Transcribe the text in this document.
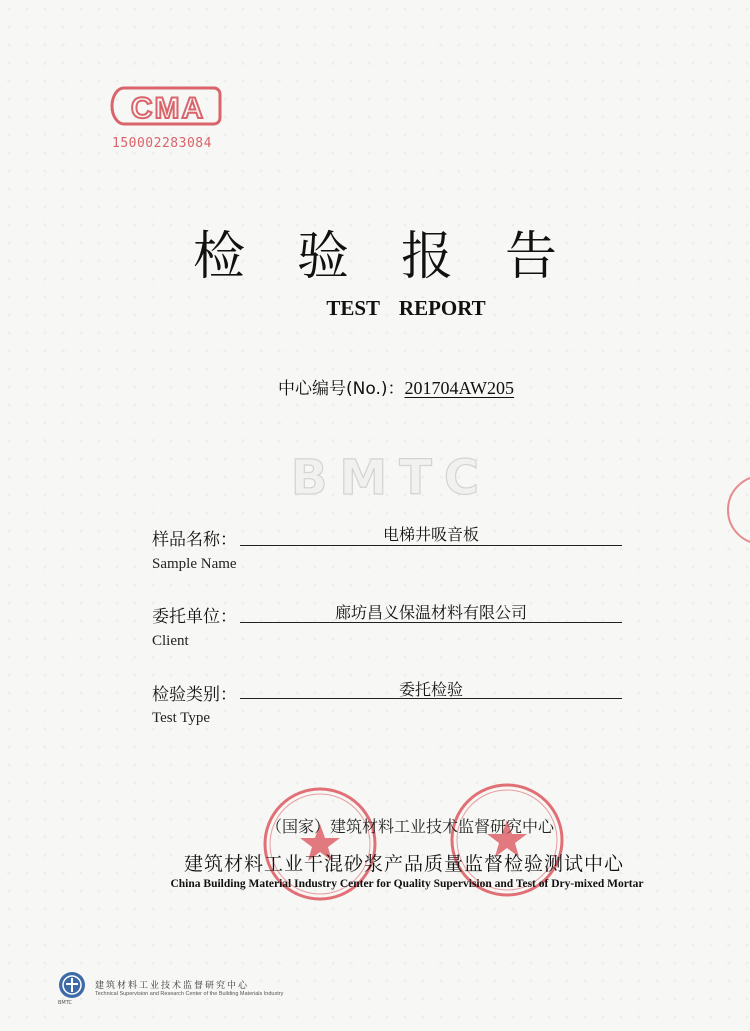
CMA
150002283084
检验报告
TEST REPORT
中心编号(No.)：201704AW205
BMTC
样品名称：	电梯井吸音板
Sample Name
委托单位：	廊坊昌义保温材料有限公司
Client
检验类别：	委托检验
Test Type
（国家）建筑材料工业技术监督研究中心
建筑材料工业干混砂浆产品质量监督检验测试中心
China Building Material Industry Center for Quality Supervision and Test of Dry-mixed Mortar
BMTC
建筑材料工业技术监督研究中心
Technical Supervision and Research Center of the Building Materials Industry
